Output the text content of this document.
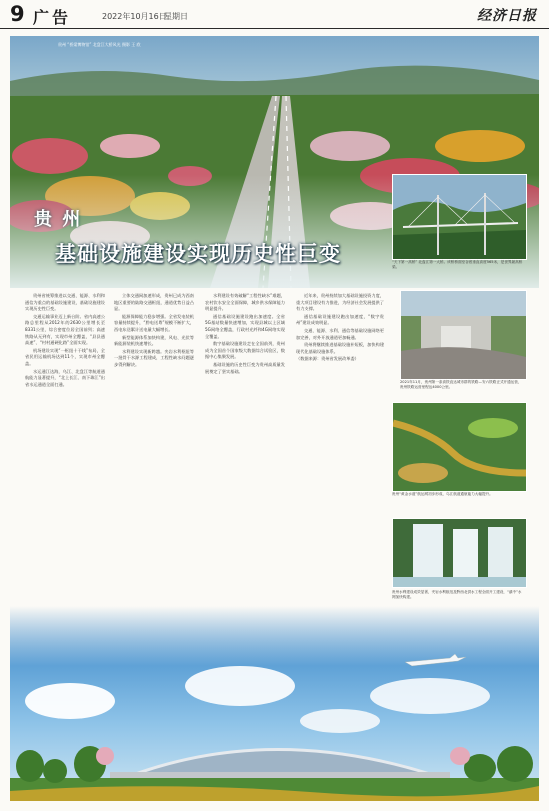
9 广告	2022年10月16日
星期日	经济日报
贵州 “桥梁博物馆” 北盘江大桥风光 摄影 王 欣
贵 州
基础设施建设实现历史性巨变	“天下第一高桥” 北盘江第一大桥。该桥桥面至谷底垂直高度565米，是世界最高桥梁。
2021年11月，贵州第一条高铁直达城市群的铁路—安六铁路正式开通运营，贵州铁路运营里程达4000公里。
贵州“黄金水道”航运网初步形成，乌江航道通航能力大幅提升。
贵州水利建设成效显著，夹岩水利枢纽及黔西北供水工程全面开工建设，“滇中”水网加快构建。

贵州省统筹推进以交通、能源、水利和通信为重点的基础设施建设，基础设施建设实现历史性巨变。

交通运输事业迈上新台阶。省内高速公路总里程从2012年的2630公里增长至8331公里，综合密度位居全国前列；高速铁路从无到有，实现市州全覆盖，“县县通高速”、“村村通硬化路”全面实现。

机场建设实现“一枢纽十干线”布局，全省民用运输机场达到11个，实现市州全覆盖。

水运通江达海，乌江、北盘江等航道通航能力显著提升，“北上长江、南下珠江”出省水运通道全面打通。

立体交通网加速形成，贵州已成为西南地区重要的陆路交通枢纽，通道优势日益凸显。

能源保障能力稳步增强。全省发电装机容量持续提升，“黔电送粤”规模不断扩大，西电东送累计送电量大幅增长。

新型能源体系加快构建，风电、光伏等新能源装机快速增长。

水利建设实现新跨越。夹岩水利枢纽等一批骨干水源工程建成，工程性缺水问题逐步得到解决。

水利建设有效破解“工程性缺水”难题，农村饮水安全全面保障，城乡供水保障能力明显提升。

通信基础设施建设跑出加速度。全省5G基站数量快速增加，实现县城以上区域5G网络全覆盖，行政村光纤和4G网络实现全覆盖。

数字基础设施建设走在全国前列，贵州成为全国首个国家级大数据综合试验区，数据中心集聚发展。

基础设施的历史性巨变为贵州高质量发展奠定了坚实基础。

近年来，贵州持续加大基础设施投资力度，重大项目建设有力推进，为经济社会发展提供了有力支撑。

通信基础设施建设跑出加速度，“数字贵州”建设成效明显。

交通、能源、水利、通信等基础设施网络更加完善，对外开放通道更加畅通。

贵州将继续推进基础设施补短板，加快构建现代化基础设施体系。

（数据来源：贵州省发展改革委）
